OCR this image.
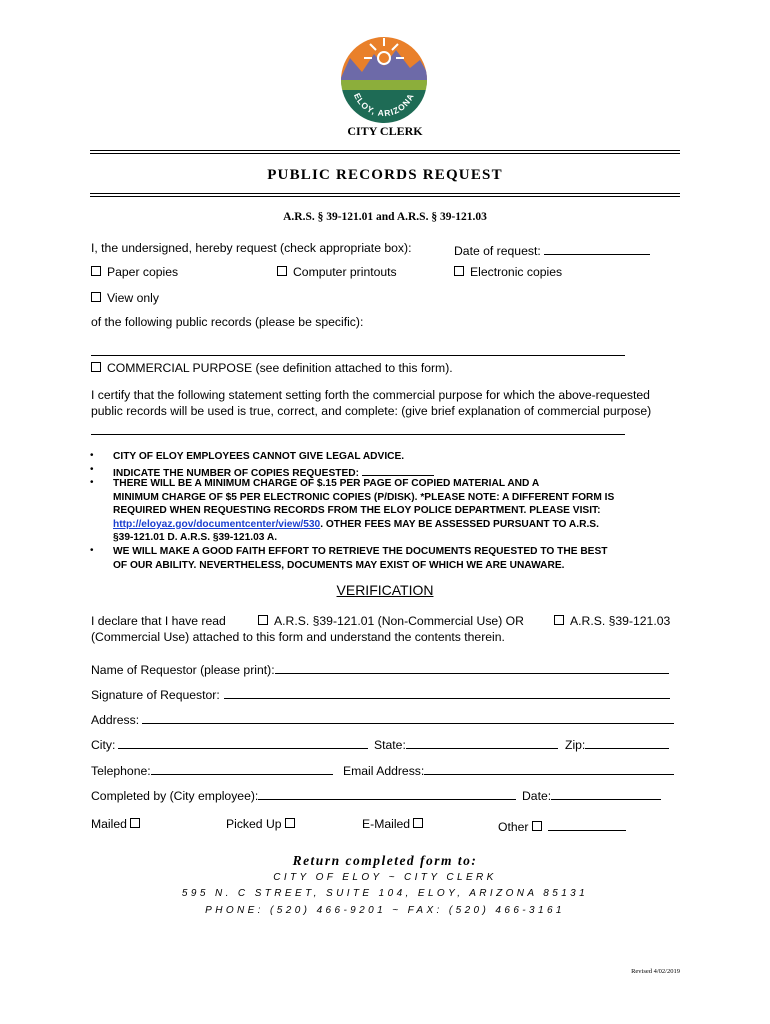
ELOY, ARIZONA
CITY CLERK
PUBLIC RECORDS REQUEST
A.R.S. § 39-121.01 and A.R.S. § 39-121.03
I, the undersigned, hereby request (check appropriate box):	Date of request:
Paper copies	Computer printouts	Electronic copies
View only
of the following public records (please be specific):
COMMERCIAL PURPOSE (see definition attached to this form).
I certify that the following statement setting forth the commercial purpose for which the above-requested
public records will be used is true, correct, and complete: (give brief explanation of commercial purpose)
• CITY OF ELOY EMPLOYEES CANNOT GIVE LEGAL ADVICE.
• INDICATE THE NUMBER OF COPIES REQUESTED:
• THERE WILL BE A MINIMUM CHARGE OF $.15 PER PAGE OF COPIED MATERIAL AND A
MINIMUM CHARGE OF $5 PER ELECTRONIC COPIES (P/DISK). *PLEASE NOTE: A DIFFERENT FORM IS
REQUIRED WHEN REQUESTING RECORDS FROM THE ELOY POLICE DEPARTMENT. PLEASE VISIT:
http://eloyaz.gov/documentcenter/view/530. OTHER FEES MAY BE ASSESSED PURSUANT TO A.R.S.
§39-121.01 D. A.R.S. §39-121.03 A.
• WE WILL MAKE A GOOD FAITH EFFORT TO RETRIEVE THE DOCUMENTS REQUESTED TO THE BEST
OF OUR ABILITY. NEVERTHELESS, DOCUMENTS MAY EXIST OF WHICH WE ARE UNAWARE.
VERIFICATION
I declare that I have read	A.R.S. §39-121.01 (Non-Commercial Use) OR	A.R.S. §39-121.03
(Commercial Use) attached to this form and understand the contents therein.
Name of Requestor (please print):
Signature of Requestor:
Address:
City:	State:	Zip:
Telephone:	Email Address:
Completed by (City employee):	Date:
Mailed	Picked Up	E-Mailed	Other
Return completed form to:
CITY OF ELOY ~ CITY CLERK
595 N. C STREET, SUITE 104, ELOY, ARIZONA 85131
PHONE: (520) 466-9201 ~ FAX: (520) 466-3161
Revised 4/02/2019
